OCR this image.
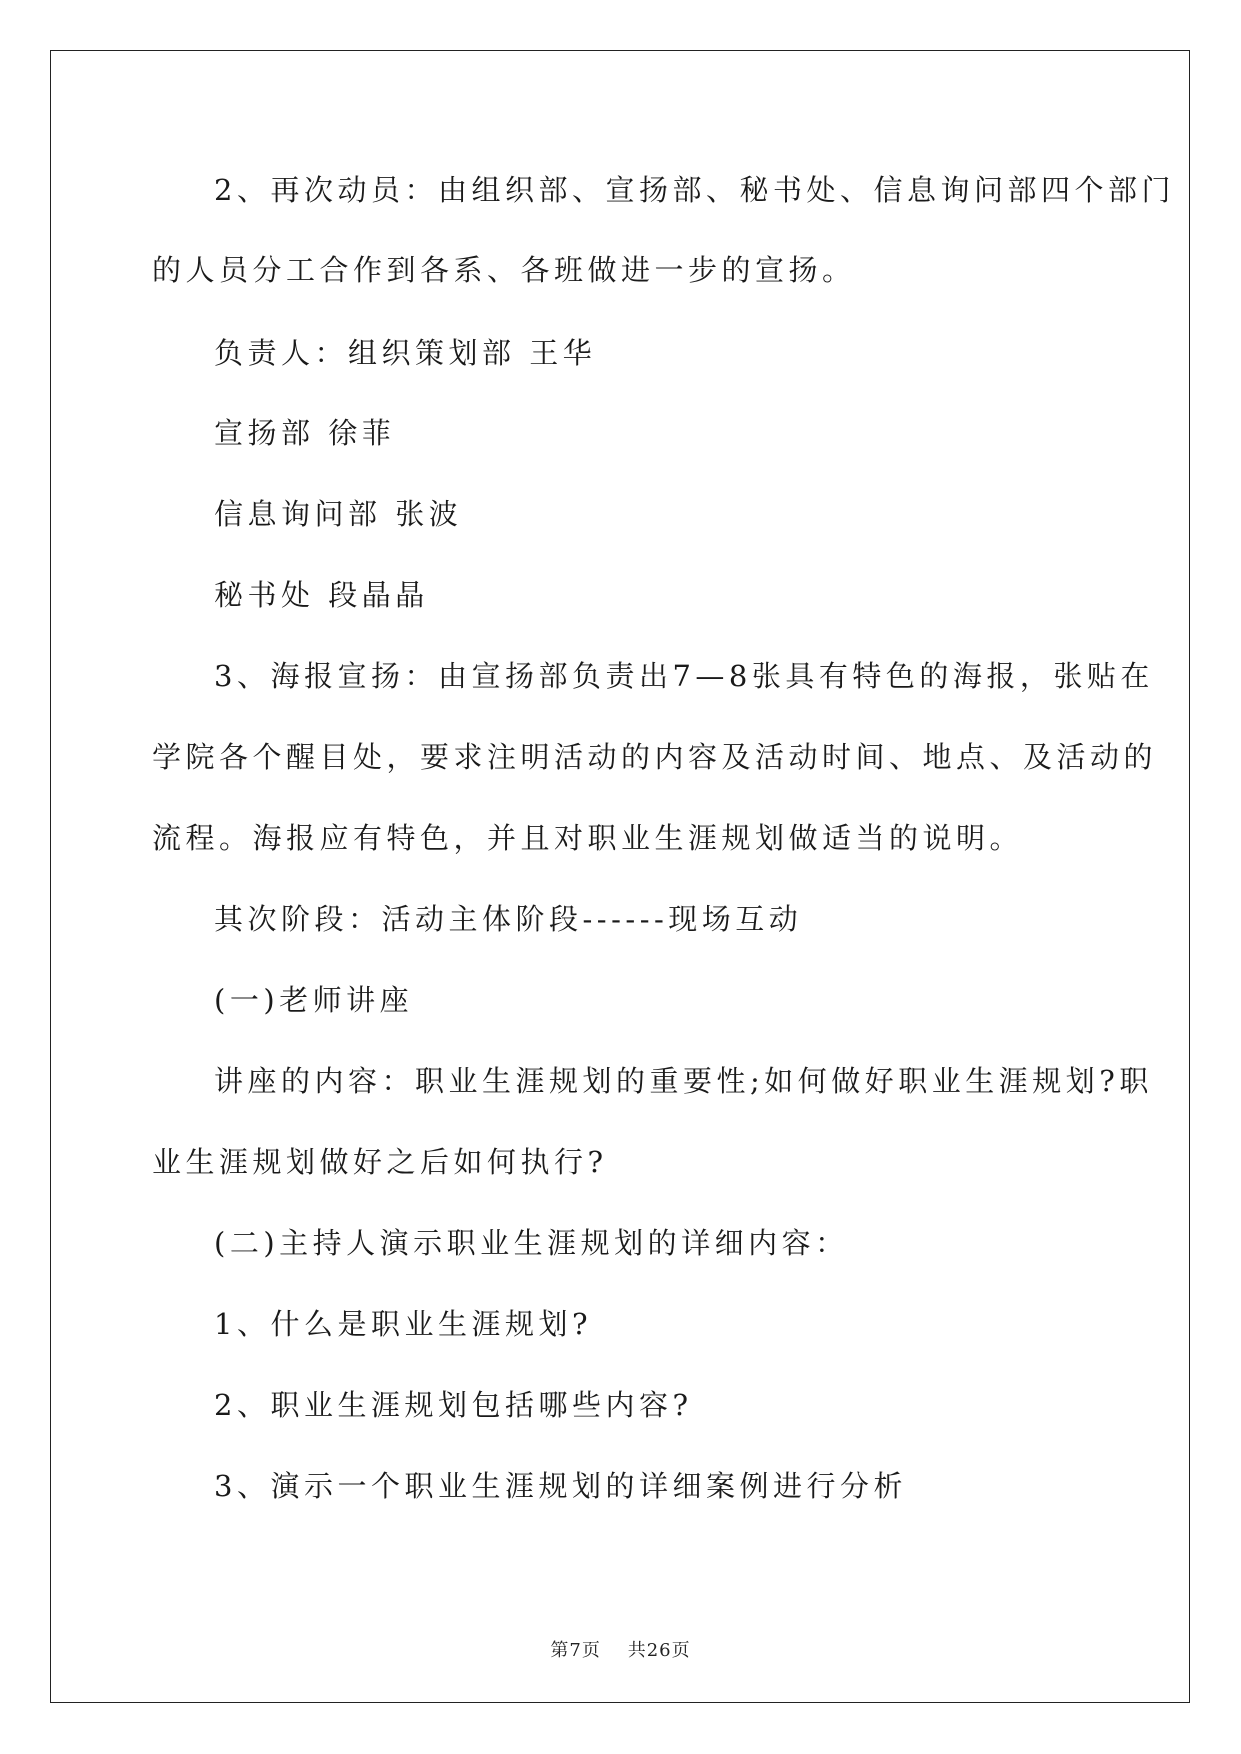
2、再次动员：由组织部、宣扬部、秘书处、信息询问部四个部门
的人员分工合作到各系、各班做进一步的宣扬。
负责人：组织策划部 王华
宣扬部 徐菲
信息询问部 张波
秘书处 段晶晶
3、海报宣扬：由宣扬部负责出7—8张具有特色的海报，张贴在
学院各个醒目处，要求注明活动的内容及活动时间、地点、及活动的
流程。海报应有特色，并且对职业生涯规划做适当的说明。
其次阶段：活动主体阶段------现场互动
(一)老师讲座
讲座的内容：职业生涯规划的重要性;如何做好职业生涯规划?职
业生涯规划做好之后如何执行?
(二)主持人演示职业生涯规划的详细内容：
1、什么是职业生涯规划?
2、职业生涯规划包括哪些内容?
3、演示一个职业生涯规划的详细案例进行分析
第7页 共26页
